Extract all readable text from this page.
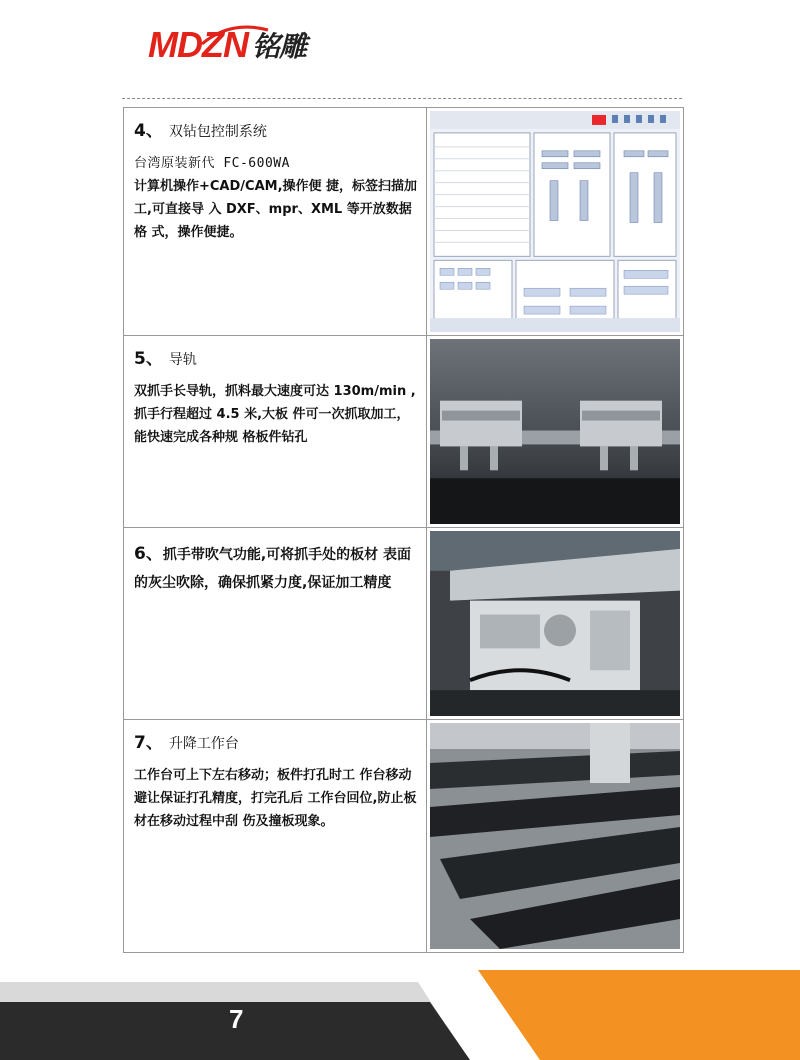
MDZN 铭雕
4、 双钻包控制系统
台湾原装新代 FC-600WA
计算机操作+CAD/CAM,操作便 捷，标签扫描加工,可直接导 入 DXF、mpr、XML 等开放数据格 式，操作便捷。
5、 导轨
双抓手长导轨，抓料最大速度可达 130m/min ,抓手行程超过 4.5 米,大板 件可一次抓取加工，能快速完成各种规 格板件钻孔
6、抓手带吹气功能,可将抓手处的板材 表面的灰尘吹除，确保抓紧力度,保证加工精度
7、 升降工作台
工作台可上下左右移动；板件打孔时工 作台移动避让保证打孔精度，打完孔后 工作台回位,防止板材在移动过程中刮 伤及撞板现象。
7
